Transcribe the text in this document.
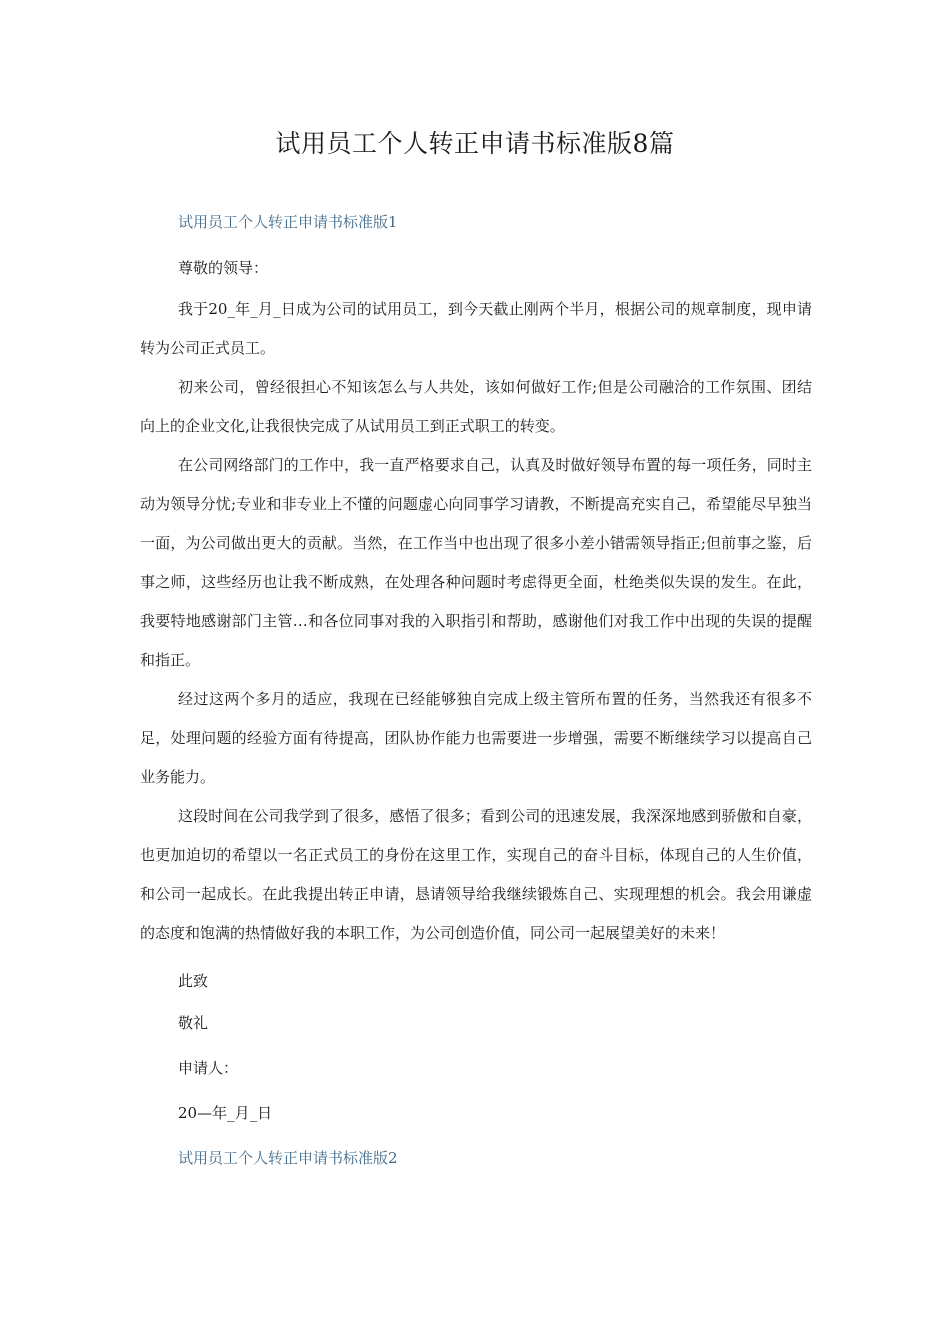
试用员工个人转正申请书标准版8篇

试用员工个人转正申请书标准版1

尊敬的领导：

我于20_年_月_日成为公司的试用员工，到今天截止刚两个半月，根据公司的规章制度，现申请转为公司正式员工。

初来公司，曾经很担心不知该怎么与人共处，该如何做好工作;但是公司融洽的工作氛围、团结向上的企业文化,让我很快完成了从试用员工到正式职工的转变。

在公司网络部门的工作中，我一直严格要求自己，认真及时做好领导布置的每一项任务，同时主动为领导分忧;专业和非专业上不懂的问题虚心向同事学习请教，不断提高充实自己，希望能尽早独当一面，为公司做出更大的贡献。当然，在工作当中也出现了很多小差小错需领导指正;但前事之鉴，后事之师，这些经历也让我不断成熟，在处理各种问题时考虑得更全面，杜绝类似失误的发生。在此，我要特地感谢部门主管…和各位同事对我的入职指引和帮助，感谢他们对我工作中出现的失误的提醒和指正。

经过这两个多月的适应，我现在已经能够独自完成上级主管所布置的任务，当然我还有很多不足，处理问题的经验方面有待提高，团队协作能力也需要进一步增强，需要不断继续学习以提高自己业务能力。

这段时间在公司我学到了很多，感悟了很多；看到公司的迅速发展，我深深地感到骄傲和自豪，也更加迫切的希望以一名正式员工的身份在这里工作，实现自己的奋斗目标，体现自己的人生价值，和公司一起成长。在此我提出转正申请，恳请领导给我继续锻炼自己、实现理想的机会。我会用谦虚的态度和饱满的热情做好我的本职工作，为公司创造价值，同公司一起展望美好的未来！

此致

敬礼

申请人：

20—年_月_日

试用员工个人转正申请书标准版2
